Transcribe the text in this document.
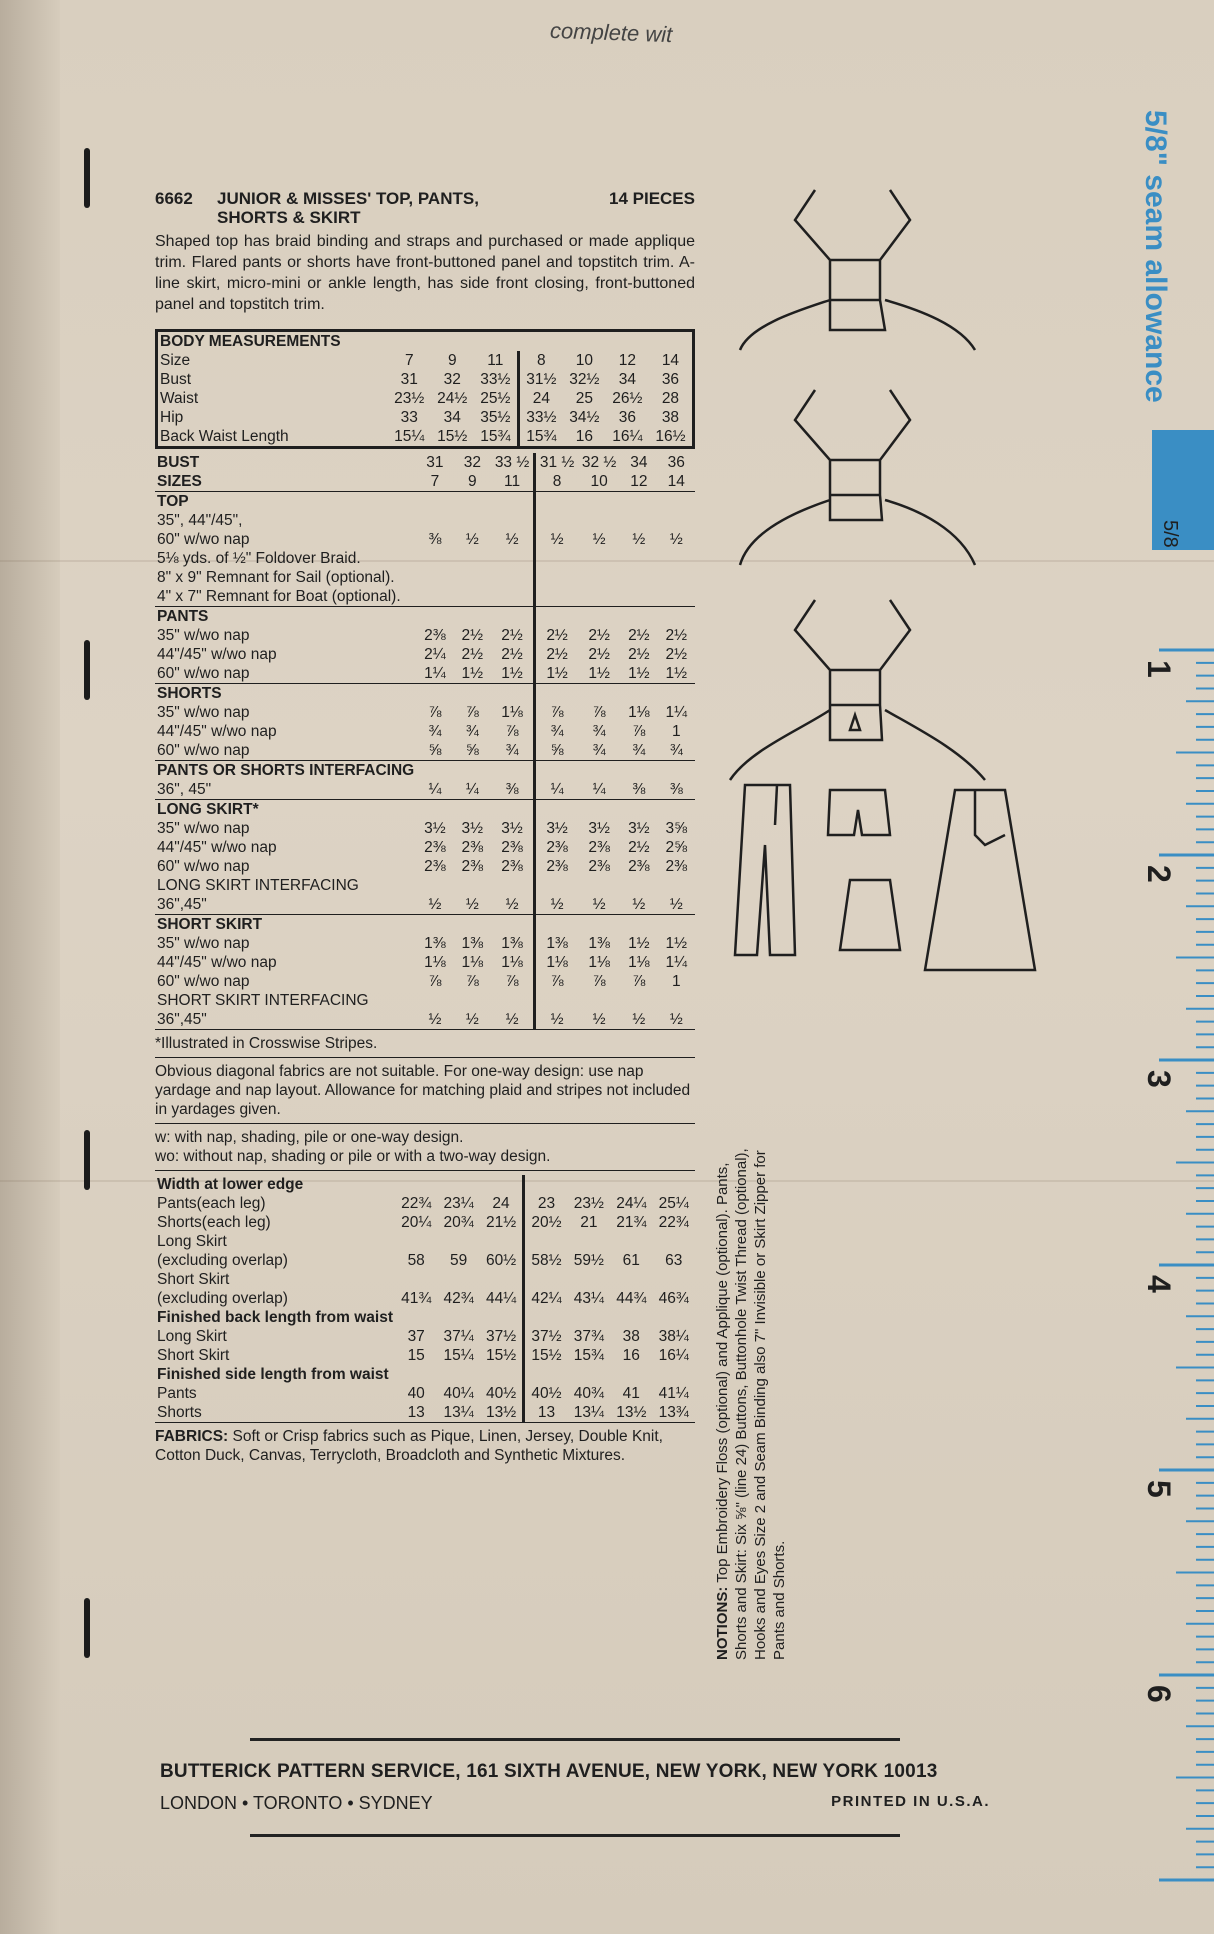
complete wit
6662 JUNIOR & MISSES' TOP, PANTS, SHORTS & SKIRT
14 PIECES
Shaped top has braid binding and straps and purchased or made applique trim. Flared pants or shorts have front-buttoned panel and topstitch trim. A-line skirt, micro-mini or ankle length, has side front closing, front-buttoned panel and topstitch trim.
BODY MEASUREMENTS							
Size	7	9	11	8	10	12	14
Bust	31	32	33½	31½	32½	34	36
Waist	23½	24½	25½	24	25	26½	28
Hip	33	34	35½	33½	34½	36	38
Back Waist Length	15¼	15½	15¾	15¾	16	16¼	16½
BUST	31	32	33 ½	31 ½	32 ½	34	36
SIZES	7	9	11	8	10	12	14
TOP							
35", 44"/45",							
60" w/wo nap	⅜	½	½	½	½	½	½
5⅛ yds. of ½" Foldover Braid.							
8" x 9" Remnant for Sail (optional).							
4" x 7" Remnant for Boat (optional).							
PANTS							
35" w/wo nap	2⅜	2½	2½	2½	2½	2½	2½
44"/45" w/wo nap	2¼	2½	2½	2½	2½	2½	2½
60" w/wo nap	1¼	1½	1½	1½	1½	1½	1½
SHORTS							
35" w/wo nap	⅞	⅞	1⅛	⅞	⅞	1⅛	1¼
44"/45" w/wo nap	¾	¾	⅞	¾	¾	⅞	1
60" w/wo nap	⅝	⅝	¾	⅝	¾	¾	¾
PANTS OR SHORTS INTERFACING							
36", 45"	¼	¼	⅜	¼	¼	⅜	⅜
LONG SKIRT*							
35" w/wo nap	3½	3½	3½	3½	3½	3½	3⅝
44"/45" w/wo nap	2⅜	2⅜	2⅜	2⅜	2⅜	2½	2⅝
60" w/wo nap	2⅜	2⅜	2⅜	2⅜	2⅜	2⅜	2⅜
LONG SKIRT INTERFACING							
36",45"	½	½	½	½	½	½	½
SHORT SKIRT							
35" w/wo nap	1⅜	1⅜	1⅜	1⅜	1⅜	1½	1½
44"/45" w/wo nap	1⅛	1⅛	1⅛	1⅛	1⅛	1⅛	1¼
60" w/wo nap	⅞	⅞	⅞	⅞	⅞	⅞	1
SHORT SKIRT INTERFACING							
36",45"	½	½	½	½	½	½	½
*Illustrated in Crosswise Stripes.
Obvious diagonal fabrics are not suitable. For one-way design: use nap yardage and nap layout. Allowance for matching plaid and stripes not included in yardages given.
w: with nap, shading, pile or one-way design.
wo: without nap, shading or pile or with a two-way design.
Width at lower edge							
Pants(each leg)	22¾	23¼	24	23	23½	24¼	25¼
Shorts(each leg)	20¼	20¾	21½	20½	21	21¾	22¾
Long Skirt							
(excluding overlap)	58	59	60½	58½	59½	61	63
Short Skirt							
(excluding overlap)	41¾	42¾	44¼	42¼	43¼	44¾	46¾
Finished back length from waist							
Long Skirt	37	37¼	37½	37½	37¾	38	38¼
Short Skirt	15	15¼	15½	15½	15¾	16	16¼
Finished side length from waist							
Pants	40	40¼	40½	40½	40¾	41	41¼
Shorts	13	13¼	13½	13	13¼	13½	13¾
FABRICS: Soft or Crisp fabrics such as Pique, Linen, Jersey, Double Knit, Cotton Duck, Canvas, Terrycloth, Broadcloth and Synthetic Mixtures.
NOTIONS: Top Embroidery Floss (optional) and Applique (optional). Pants, Shorts and Skirt: Six ⅝" (line 24) Buttons, Buttonhole Twist Thread (optional), Hooks and Eyes Size 2 and Seam Binding also 7" Invisible or Skirt Zipper for Pants and Shorts.
BUTTERICK PATTERN SERVICE, 161 SIXTH AVENUE, NEW YORK, NEW YORK 10013
LONDON • TORONTO • SYDNEY	PRINTED IN U.S.A.
5/8" seam allowance
5/8
1
2
3
4
5
6
